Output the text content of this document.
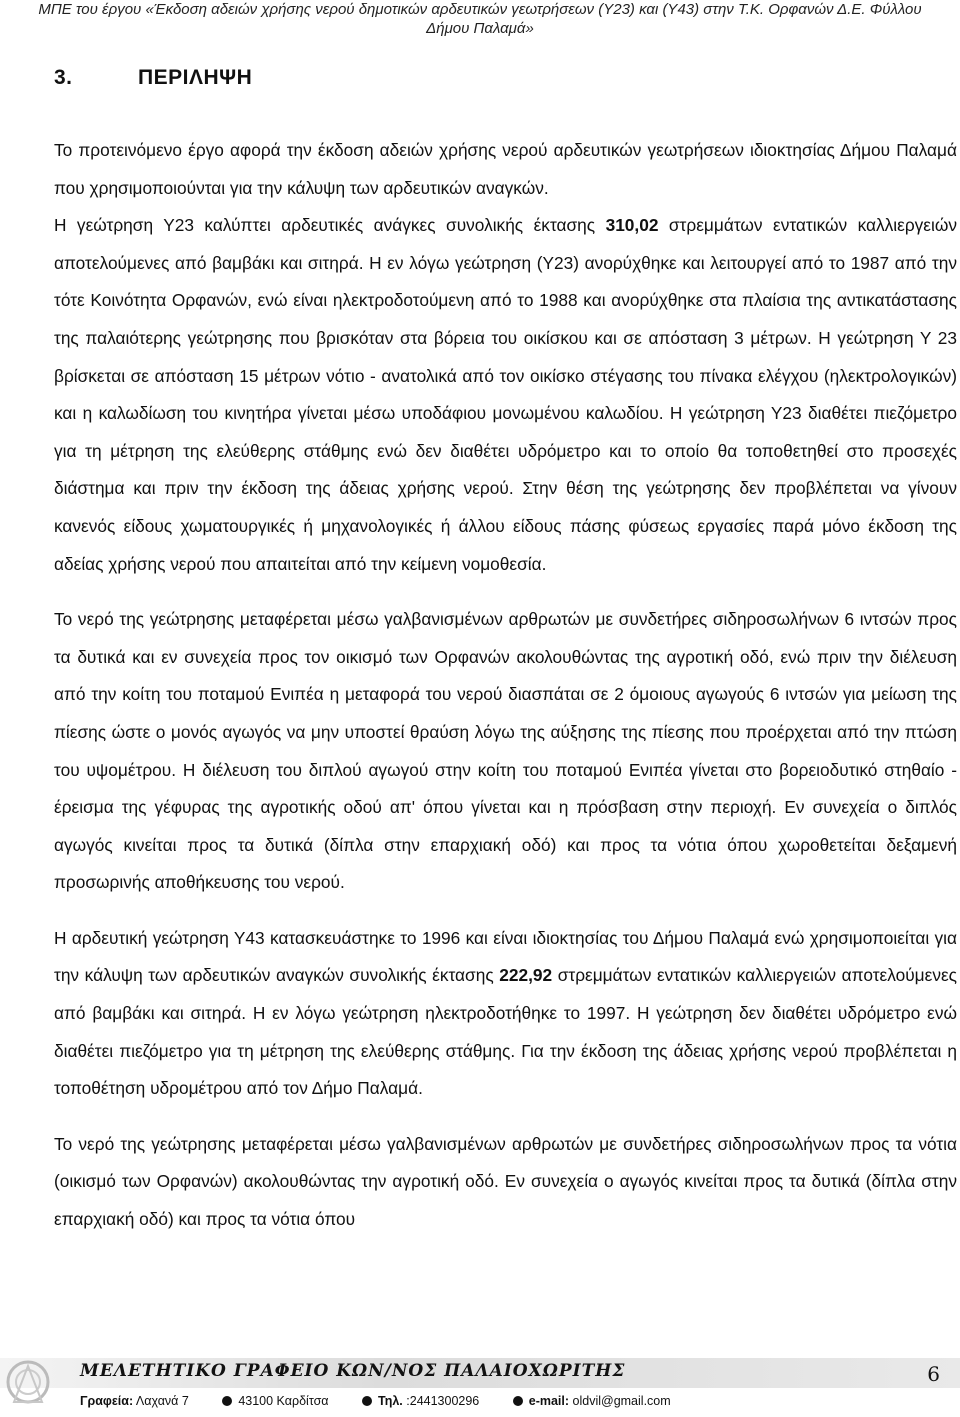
ΜΠΕ του έργου «Έκδοση αδειών χρήσης νερού δημοτικών αρδευτικών γεωτρήσεων (Υ23) και (Υ43) στην Τ.Κ. Ορφανών Δ.Ε. Φύλλου
Δήμου Παλαμά»
3.	ΠΕΡΙΛΗΨΗ

Το προτεινόμενο έργο αφορά την έκδοση αδειών χρήσης νερού αρδευτικών γεωτρήσεων ιδιοκτησίας Δήμου Παλαμά που χρησιμοποιούνται για την κάλυψη των αρδευτικών αναγκών.

Η γεώτρηση Υ23 καλύπτει αρδευτικές ανάγκες συνολικής έκτασης 310,02 στρεμμάτων εντατικών καλλιεργειών αποτελούμενες από βαμβάκι και σιτηρά. Η εν λόγω γεώτρηση (Υ23) ανορύχθηκε και λειτουργεί από το 1987 από την τότε Κοινότητα Ορφανών, ενώ είναι ηλεκτροδοτούμενη από το 1988 και ανορύχθηκε στα πλαίσια της αντικατάστασης της παλαιότερης γεώτρησης που βρισκόταν στα βόρεια του οικίσκου και σε απόσταση 3 μέτρων. Η γεώτρηση Υ 23 βρίσκεται σε απόσταση 15 μέτρων νότιο - ανατολικά από τον οικίσκο στέγασης του πίνακα ελέγχου (ηλεκτρολογικών) και η καλωδίωση του κινητήρα γίνεται μέσω υποδάφιου μονωμένου καλωδίου. Η γεώτρηση Υ23 διαθέτει πιεζόμετρο για τη μέτρηση της ελεύθερης στάθμης ενώ δεν διαθέτει υδρόμετρο και το οποίο θα τοποθετηθεί στο προσεχές διάστημα και πριν την έκδοση της άδειας χρήσης νερού. Στην θέση της γεώτρησης δεν προβλέπεται να γίνουν κανενός είδους χωματουργικές ή μηχανολογικές ή άλλου είδους πάσης φύσεως εργασίες παρά μόνο έκδοση της αδείας χρήσης νερού που απαιτείται από την κείμενη νομοθεσία.

Το νερό της γεώτρησης μεταφέρεται μέσω γαλβανισμένων αρθρωτών με συνδετήρες σιδηροσωλήνων 6 ιντσών προς τα δυτικά και εν συνεχεία προς τον οικισμό των Ορφανών ακολουθώντας της αγροτική οδό, ενώ πριν την διέλευση από την κοίτη του ποταμού Ενιπέα η μεταφορά του νερού διασπάται σε 2 όμοιους αγωγούς 6 ιντσών για μείωση της πίεσης ώστε ο μονός αγωγός να μην υποστεί θραύση λόγω της αύξησης της πίεσης που προέρχεται από την πτώση του υψομέτρου. Η διέλευση του διπλού αγωγού στην κοίτη του ποταμού Ενιπέα γίνεται στο βορειοδυτικό στηθαίο - έρεισμα της γέφυρας της αγροτικής οδού απ' όπου γίνεται και η πρόσβαση στην περιοχή. Εν συνεχεία ο διπλός αγωγός κινείται προς τα δυτικά (δίπλα στην επαρχιακή οδό) και προς τα νότια όπου χωροθετείται δεξαμενή προσωρινής αποθήκευσης του νερού.

Η αρδευτική γεώτρηση Υ43 κατασκευάστηκε το 1996 και είναι ιδιοκτησίας του Δήμου Παλαμά ενώ χρησιμοποιείται για την κάλυψη των αρδευτικών αναγκών συνολικής έκτασης 222,92 στρεμμάτων εντατικών καλλιεργειών αποτελούμενες από βαμβάκι και σιτηρά. Η εν λόγω γεώτρηση ηλεκτροδοτήθηκε το 1997. Η γεώτρηση δεν διαθέτει υδρόμετρο ενώ διαθέτει πιεζόμετρο για τη μέτρηση της ελεύθερης στάθμης. Για την έκδοση της άδειας χρήσης νερού προβλέπεται η τοποθέτηση υδρομέτρου από τον Δήμο Παλαμά.

Το νερό της γεώτρησης μεταφέρεται μέσω γαλβανισμένων αρθρωτών με συνδετήρες σιδηροσωλήνων προς τα νότια (οικισμό των Ορφανών) ακολουθώντας την αγροτική οδό. Εν συνεχεία ο αγωγός κινείται προς τα δυτικά (δίπλα στην επαρχιακή οδό) και προς τα νότια όπου

ΜΕΛΕΤΗΤΙΚΟ ΓΡΑΦΕΙΟ ΚΩΝ/ΝΟΣ ΠΑΛΑΙΟΧΩΡΙΤΗΣ	6
Γραφεία: Λαχανά 7	43100 Καρδίτσα	Τηλ. :2441300296	e-mail: oldvil@gmail.com
